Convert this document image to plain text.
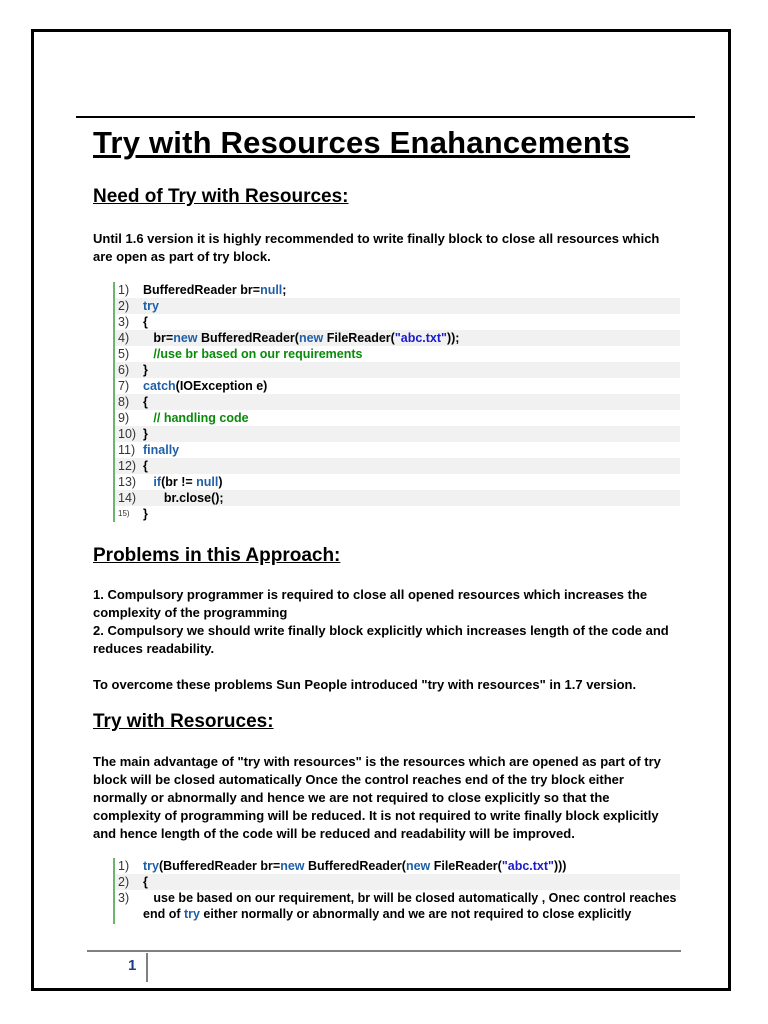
Try with Resources Enahancements
Need of Try with Resources:
Until 1.6 version it is highly recommended to write finally block to close all resources which are open as part of try block.
1)	BufferedReader br=null;
2)	try
3)	{
4)	br=new BufferedReader(new FileReader("abc.txt"));
5)	//use br based on our requirements
6)	}
7)	catch(IOException e)
8)	{
9)	// handling code
10) }
11) finally
12) {
13)	if(br != null)
14) br.close();
15)	}
Problems in this Approach:

1. Compulsory programmer is required to close all opened resources which increases the complexity of the programming

2. Compulsory we should write finally block explicitly which increases length of the code and reduces readability.

To overcome these problems Sun People introduced "try with resources" in 1.7 version.

Try with Resoruces:
The main advantage of "try with resources" is the resources which are opened as part of try block will be closed automatically Once the control reaches end of the try block either normally or abnormally and hence we are not required to close explicitly so that the complexity of programming will be reduced. It is not required to write finally block explicitly and hence length of the code will be reduced and readability will be improved.
1)	try(BufferedReader br=new BufferedReader(new FileReader("abc.txt")))
2)	{
3)	use be based on our requirement, br will be closed automatically , Onec control reaches end of try either normally or abnormally and we are not required to close explicitly
1
